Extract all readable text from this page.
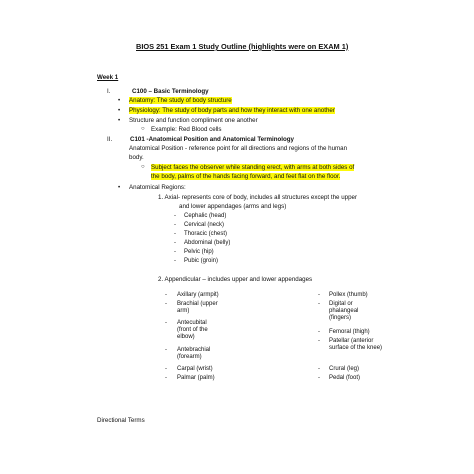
BIOS 251 Exam 1 Study Outline (highlights were on EXAM 1)
Week 1
I.	C100 – Basic Terminology
• Anatomy: The study of body structure
• Physiology: The study of body parts and how they interact with one another
• Structure and function compliment one another
○ Example: Red Blood cells
II.	C101 -Anatomical Position and Anatomical Terminology
Anatomical Position - reference point for all directions and regions of the human
body.
○ Subject faces the observer while standing erect, with arms at both sides of
the body, palms of the hands facing forward, and feet flat on the floor.
• Anatomical Regions:
1. Axial- represents core of body, includes all structures except the upper
and lower appendages (arms and legs)
- Cephalic (head)
- Cervical (neck)
- Thoracic (chest)
- Abdominal (belly)
- Pelvic (hip)
- Pubic (groin)
2. Appendicular – includes upper and lower appendages
- Axillary (armpit)
- Brachial (upper arm)
- Antecubital (front of the elbow)
- Antebrachial (forearm)
- Carpal (wrist)
- Palmar (palm)
- Pollex (thumb)
- Digital or phalangeal (fingers)
- Femoral (thigh)
- Patellar (anterior surface of the knee)
- Crural (leg)
- Pedal (foot)
Directional Terms
